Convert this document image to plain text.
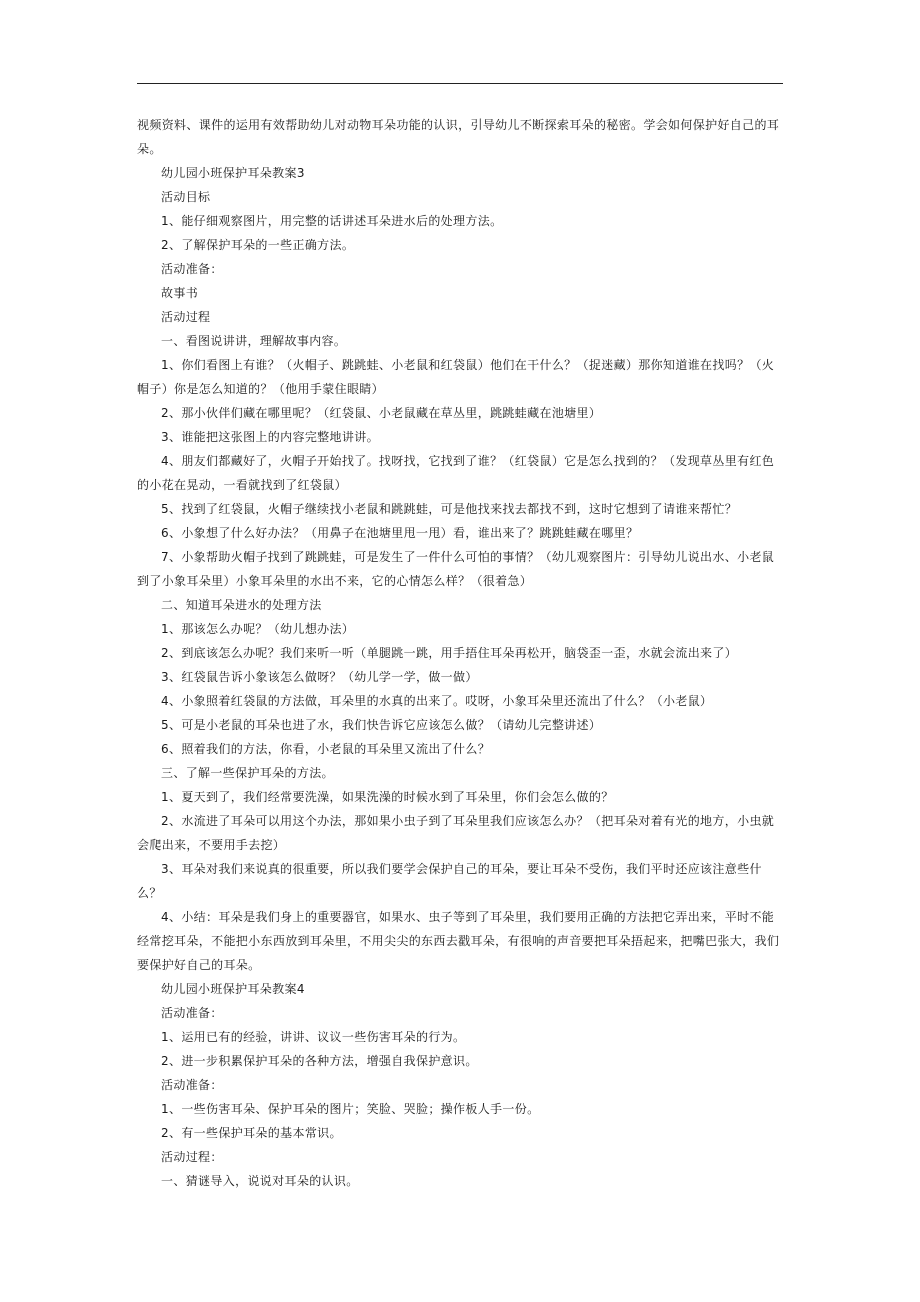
视频资料、课件的运用有效帮助幼儿对动物耳朵功能的认识，引导幼儿不断探索耳朵的秘密。学会如何保护好自己的耳朵。

幼儿园小班保护耳朵教案3

活动目标

1、能仔细观察图片，用完整的话讲述耳朵进水后的处理方法。

2、了解保护耳朵的一些正确方法。

活动准备：

故事书

活动过程

一、看图说讲讲，理解故事内容。

1、你们看图上有谁？（火帽子、跳跳蛙、小老鼠和红袋鼠）他们在干什么？（捉迷藏）那你知道谁在找吗？（火帽子）你是怎么知道的？（他用手蒙住眼睛）

2、那小伙伴们藏在哪里呢？（红袋鼠、小老鼠藏在草丛里，跳跳蛙藏在池塘里）

3、谁能把这张图上的内容完整地讲讲。

4、朋友们都藏好了，火帽子开始找了。找呀找，它找到了谁？（红袋鼠）它是怎么找到的？（发现草丛里有红色的小花在晃动，一看就找到了红袋鼠）

5、找到了红袋鼠，火帽子继续找小老鼠和跳跳蛙，可是他找来找去都找不到，这时它想到了请谁来帮忙？

6、小象想了什么好办法？（用鼻子在池塘里甩一甩）看，谁出来了？跳跳蛙藏在哪里？

7、小象帮助火帽子找到了跳跳蛙，可是发生了一件什么可怕的事情？（幼儿观察图片：引导幼儿说出水、小老鼠到了小象耳朵里）小象耳朵里的水出不来，它的心情怎么样？（很着急）

二、知道耳朵进水的处理方法

1、那该怎么办呢？（幼儿想办法）

2、到底该怎么办呢？我们来听一听（单腿跳一跳，用手捂住耳朵再松开，脑袋歪一歪，水就会流出来了）

3、红袋鼠告诉小象该怎么做呀？（幼儿学一学，做一做）

4、小象照着红袋鼠的方法做，耳朵里的水真的出来了。哎呀，小象耳朵里还流出了什么？（小老鼠）

5、可是小老鼠的耳朵也进了水，我们快告诉它应该怎么做？（请幼儿完整讲述）

6、照着我们的方法，你看，小老鼠的耳朵里又流出了什么？

三、了解一些保护耳朵的方法。

1、夏天到了，我们经常要洗澡，如果洗澡的时候水到了耳朵里，你们会怎么做的？

2、水流进了耳朵可以用这个办法，那如果小虫子到了耳朵里我们应该怎么办？（把耳朵对着有光的地方，小虫就会爬出来，不要用手去挖）

3、耳朵对我们来说真的很重要，所以我们要学会保护自己的耳朵，要让耳朵不受伤，我们平时还应该注意些什么？

4、小结：耳朵是我们身上的重要器官，如果水、虫子等到了耳朵里，我们要用正确的方法把它弄出来，平时不能经常挖耳朵，不能把小东西放到耳朵里，不用尖尖的东西去戳耳朵，有很响的声音要把耳朵捂起来，把嘴巴张大，我们要保护好自己的耳朵。

幼儿园小班保护耳朵教案4

活动准备：

1、运用已有的经验，讲讲、议议一些伤害耳朵的行为。

2、进一步积累保护耳朵的各种方法，增强自我保护意识。

活动准备：

1、一些伤害耳朵、保护耳朵的图片；笑脸、哭脸；操作板人手一份。

2、有一些保护耳朵的基本常识。

活动过程：

一、猜谜导入，说说对耳朵的认识。
